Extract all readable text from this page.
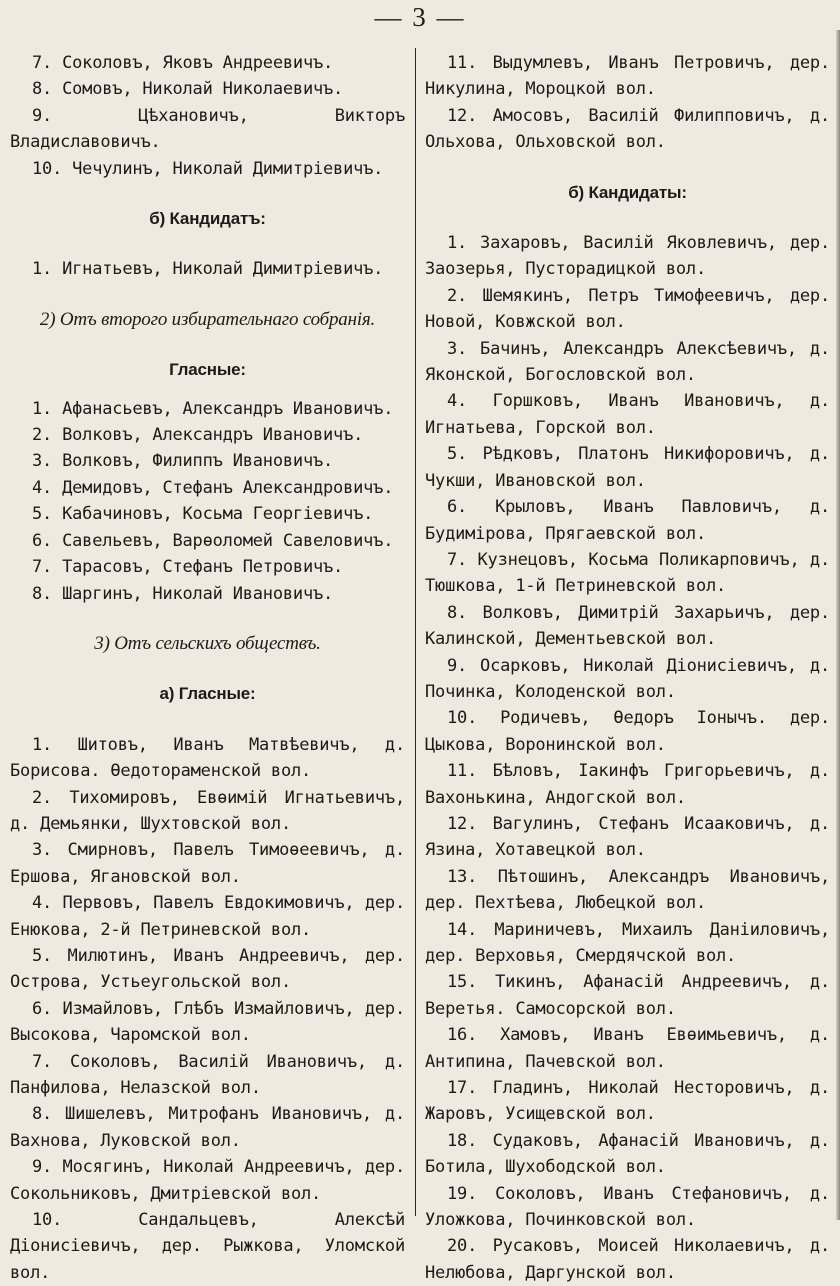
— 3 —
7. Соколовъ, Яковъ Андреевичъ.
8. Сомовъ, Николай Николаевичъ.
9. Цѣхановичъ, Викторъ Владиславовичъ.
10. Чечулинъ, Николай Димитріевичъ.
б) Кандидатъ:
1. Игнатьевъ, Николай Димитріевичъ.
2) Отъ второго избирательнаго собранія.
Гласные:
1. Афанасьевъ, Александръ Ивановичъ.
2. Волковъ, Александръ Ивановичъ.
3. Волковъ, Филиппъ Ивановичъ.
4. Демидовъ, Стефанъ Александровичъ.
5. Кабачиновъ, Косьма Георгіевичъ.
6. Савельевъ, Варѳоломей Савеловичъ.
7. Тарасовъ, Стефанъ Петровичъ.
8. Шаргинъ, Николай Ивановичъ.
3) Отъ сельскихъ обществъ.
а) Гласные:
1. Шитовъ, Иванъ Матвѣевичъ, д. Борисова. Ѳедотораменской вол.
2. Тихомировъ, Евѳимій Игнатьевичъ, д. Демьянки, Шухтовской вол.
3. Смирновъ, Павелъ Тимоѳеевичъ, д. Ершова, Ягановской вол.
4. Первовъ, Павелъ Евдокимовичъ, дер. Енюкова, 2-й Петриневской вол.
5. Милютинъ, Иванъ Андреевичъ, дер. Острова, Устьеугольской вол.
6. Измайловъ, Глѣбъ Измайловичъ, дер. Высокова, Чаромской вол.
7. Соколовъ, Василій Ивановичъ, д. Панфилова, Нелазской вол.
8. Шишелевъ, Митрофанъ Ивановичъ, д. Вахнова, Луковской вол.
9. Мосягинъ, Николай Андреевичъ, дер. Сокольниковъ, Дмитріевской вол.
10. Сандальцевъ, Алексѣй Діонисіевичъ, дер. Рыжкова, Уломской вол.
11. Выдумлевъ, Иванъ Петровичъ, дер. Никулина, Мороцкой вол.
12. Амосовъ, Василій Филипповичъ, д. Ольхова, Ольховской вол.
б) Кандидаты:
1. Захаровъ, Василій Яковлевичъ, дер. Заозерья, Пусторадицкой вол.
2. Шемякинъ, Петръ Тимофеевичъ, дер. Новой, Ковжской вол.
3. Бачинъ, Александръ Алексѣевичъ, д. Яконской, Богословской вол.
4. Горшковъ, Иванъ Ивановичъ, д. Игнатьева, Горской вол.
5. Рѣдковъ, Платонъ Никифоровичъ, д. Чукши, Ивановской вол.
6. Крыловъ, Иванъ Павловичъ, д. Будимірова, Прягаевской вол.
7. Кузнецовъ, Косьма Поликарповичъ, д. Тюшкова, 1-й Петриневской вол.
8. Волковъ, Димитрій Захарьичъ, дер. Калинской, Дементьевской вол.
9. Осарковъ, Николай Діонисіевичъ, д. Починка, Колоденской вол.
10. Родичевъ, Ѳедоръ Іонычъ. дер. Цыкова, Воронинской вол.
11. Бѣловъ, Іакинфъ Григорьевичъ, д. Вахонькина, Андогской вол.
12. Вагулинъ, Стефанъ Исааковичъ, д. Язина, Хотавецкой вол.
13. Пѣтошинъ, Александръ Ивановичъ, дер. Пехтѣева, Любецкой вол.
14. Мариничевъ, Михаилъ Даніиловичъ, дер. Верховья, Смердячской вол.
15. Тикинъ, Афанасій Андреевичъ, д. Веретья. Самосорской вол.
16. Хамовъ, Иванъ Евѳимьевичъ, д. Антипина, Пачевской вол.
17. Гладинъ, Николай Несторовичъ, д. Жаровъ, Усищевской вол.
18. Судаковъ, Афанасій Ивановичъ, д. Ботила, Шухободской вол.
19. Соколовъ, Иванъ Стефановичъ, д. Уложкова, Починковской вол.
20. Русаковъ, Моисей Николаевичъ, д. Нелюбова, Даргунской вол.
